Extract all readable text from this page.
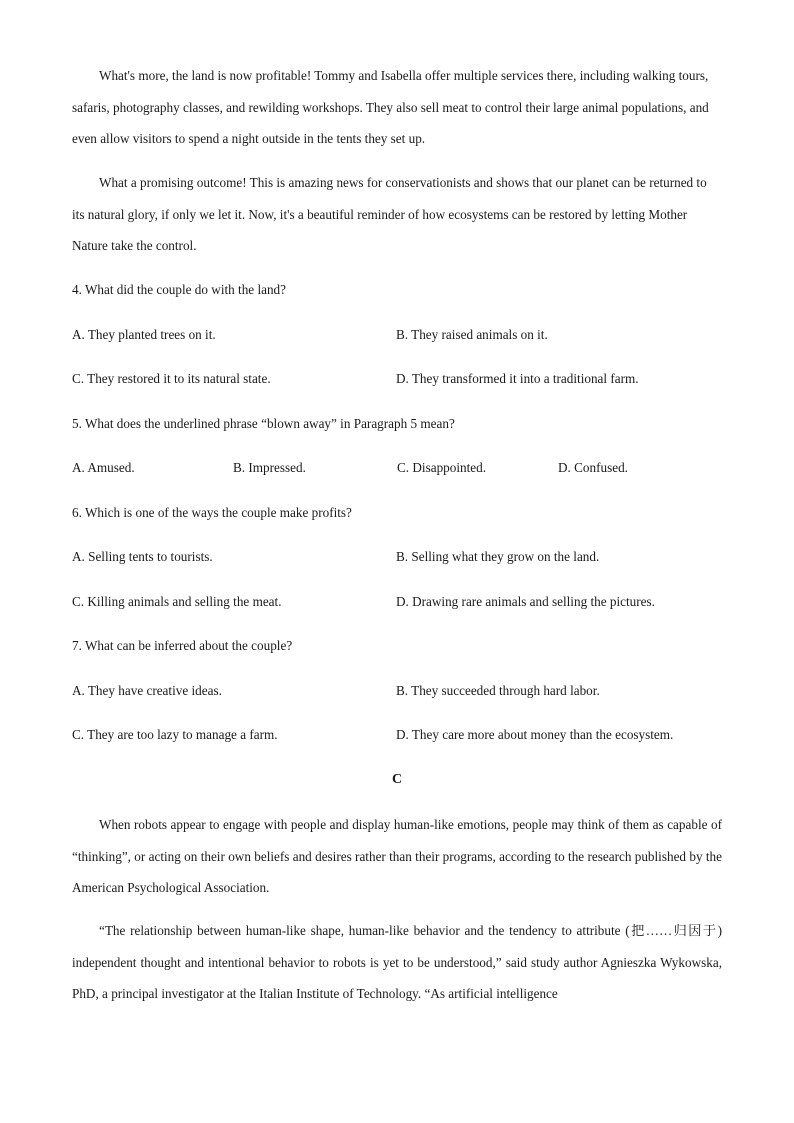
What's more, the land is now profitable! Tommy and Isabella offer multiple services there, including walking tours, safaris, photography classes, and rewilding workshops. They also sell meat to control their large animal populations, and even allow visitors to spend a night outside in the tents they set up.

What a promising outcome! This is amazing news for conservationists and shows that our planet can be returned to its natural glory, if only we let it. Now, it's a beautiful reminder of how ecosystems can be restored by letting Mother Nature take the control.

4. What did the couple do with the land?
A. They planted trees on it.	B. They raised animals on it.
C. They restored it to its natural state.	D. They transformed it into a traditional farm.
5. What does the underlined phrase “blown away” in Paragraph 5 mean?
A. Amused.	B. Impressed.	C. Disappointed.	D. Confused.
6. Which is one of the ways the couple make profits?
A. Selling tents to tourists.	B. Selling what they grow on the land.
C. Killing animals and selling the meat.	D. Drawing rare animals and selling the pictures.
7. What can be inferred about the couple?
A. They have creative ideas.	B. They succeeded through hard labor.
C. They are too lazy to manage a farm.	D. They care more about money than the ecosystem.
C

When robots appear to engage with people and display human-like emotions, people may think of them as capable of “thinking”, or acting on their own beliefs and desires rather than their programs, according to the research published by the American Psychological Association.

“The relationship between human-like shape, human-like behavior and the tendency to attribute (把……归因于) independent thought and intentional behavior to robots is yet to be understood,” said study author Agnieszka Wykowska, PhD, a principal investigator at the Italian Institute of Technology. “As artificial intelligence
